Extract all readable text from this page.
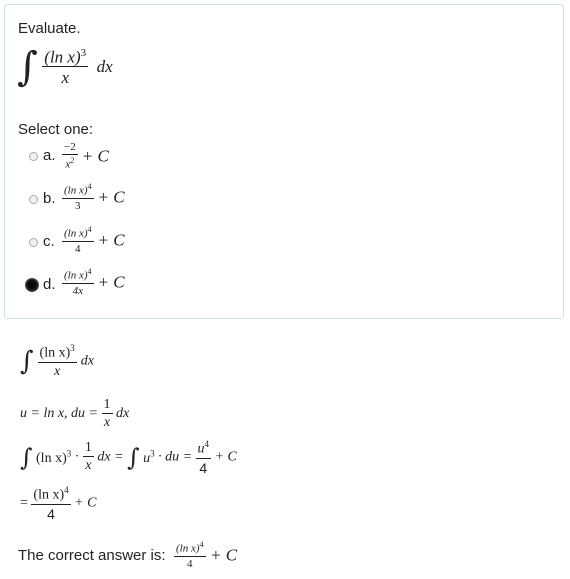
Evaluate.
∫ $\frac{(\ln x)^3}{x}$ dx
Select one:
a. $\frac{-2}{x^2} + C$
b. $\frac{(\ln x)^4}{3} + C$
c. $\frac{(\ln x)^4}{4} + C$
d. $\frac{(\ln x)^4}{4x} + C$
∫ $\frac{(\ln x)^3}{x}$ dx
u = ln x, du = $\frac{1}{x}$ dx
∫ (ln $x)^3 \cdot \frac{1}{x}$ dx = ∫ $u^3$ · du = $\frac{u^4}{4} + C$
= $\frac{(\ln x)^4}{4} + C$
The correct answer is: $\frac{(\ln x)^4}{4} + C$
